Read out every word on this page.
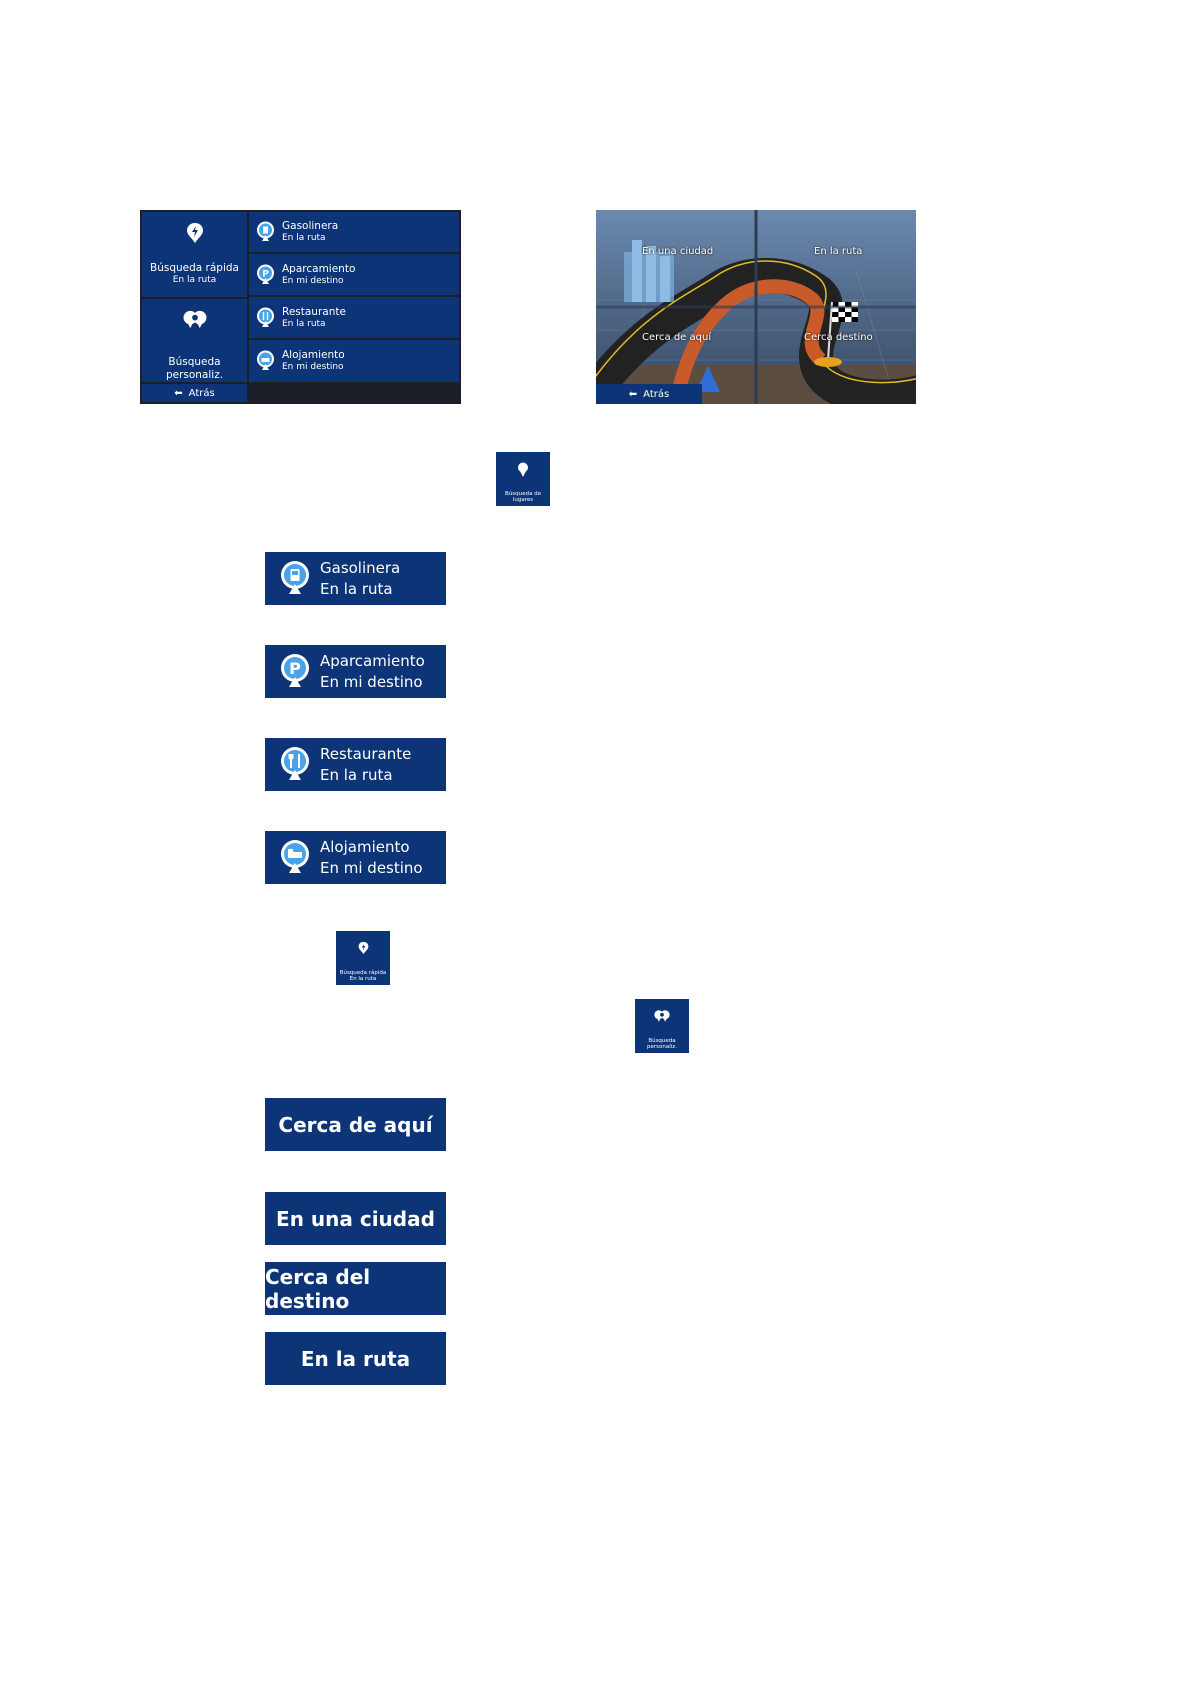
Búsqueda rápida
En la ruta
Búsqueda personaliz.
Gasolinera
En la ruta
P Aparcamiento
En mi destino
Restaurante
En la ruta
Alojamiento
En mi destino
⬅ Atrás
En una ciudad	En la ruta
Cerca de aquí	Cerca destino
⬅ Atrás
Búsqueda de lugares
Gasolinera
En la ruta
P Aparcamiento
En mi destino
Restaurante
En la ruta
Alojamiento
En mi destino
Búsqueda rápida
En la ruta
Búsqueda
personaliz.
Cerca de aquí
En una ciudad
Cerca del destino
En la ruta
